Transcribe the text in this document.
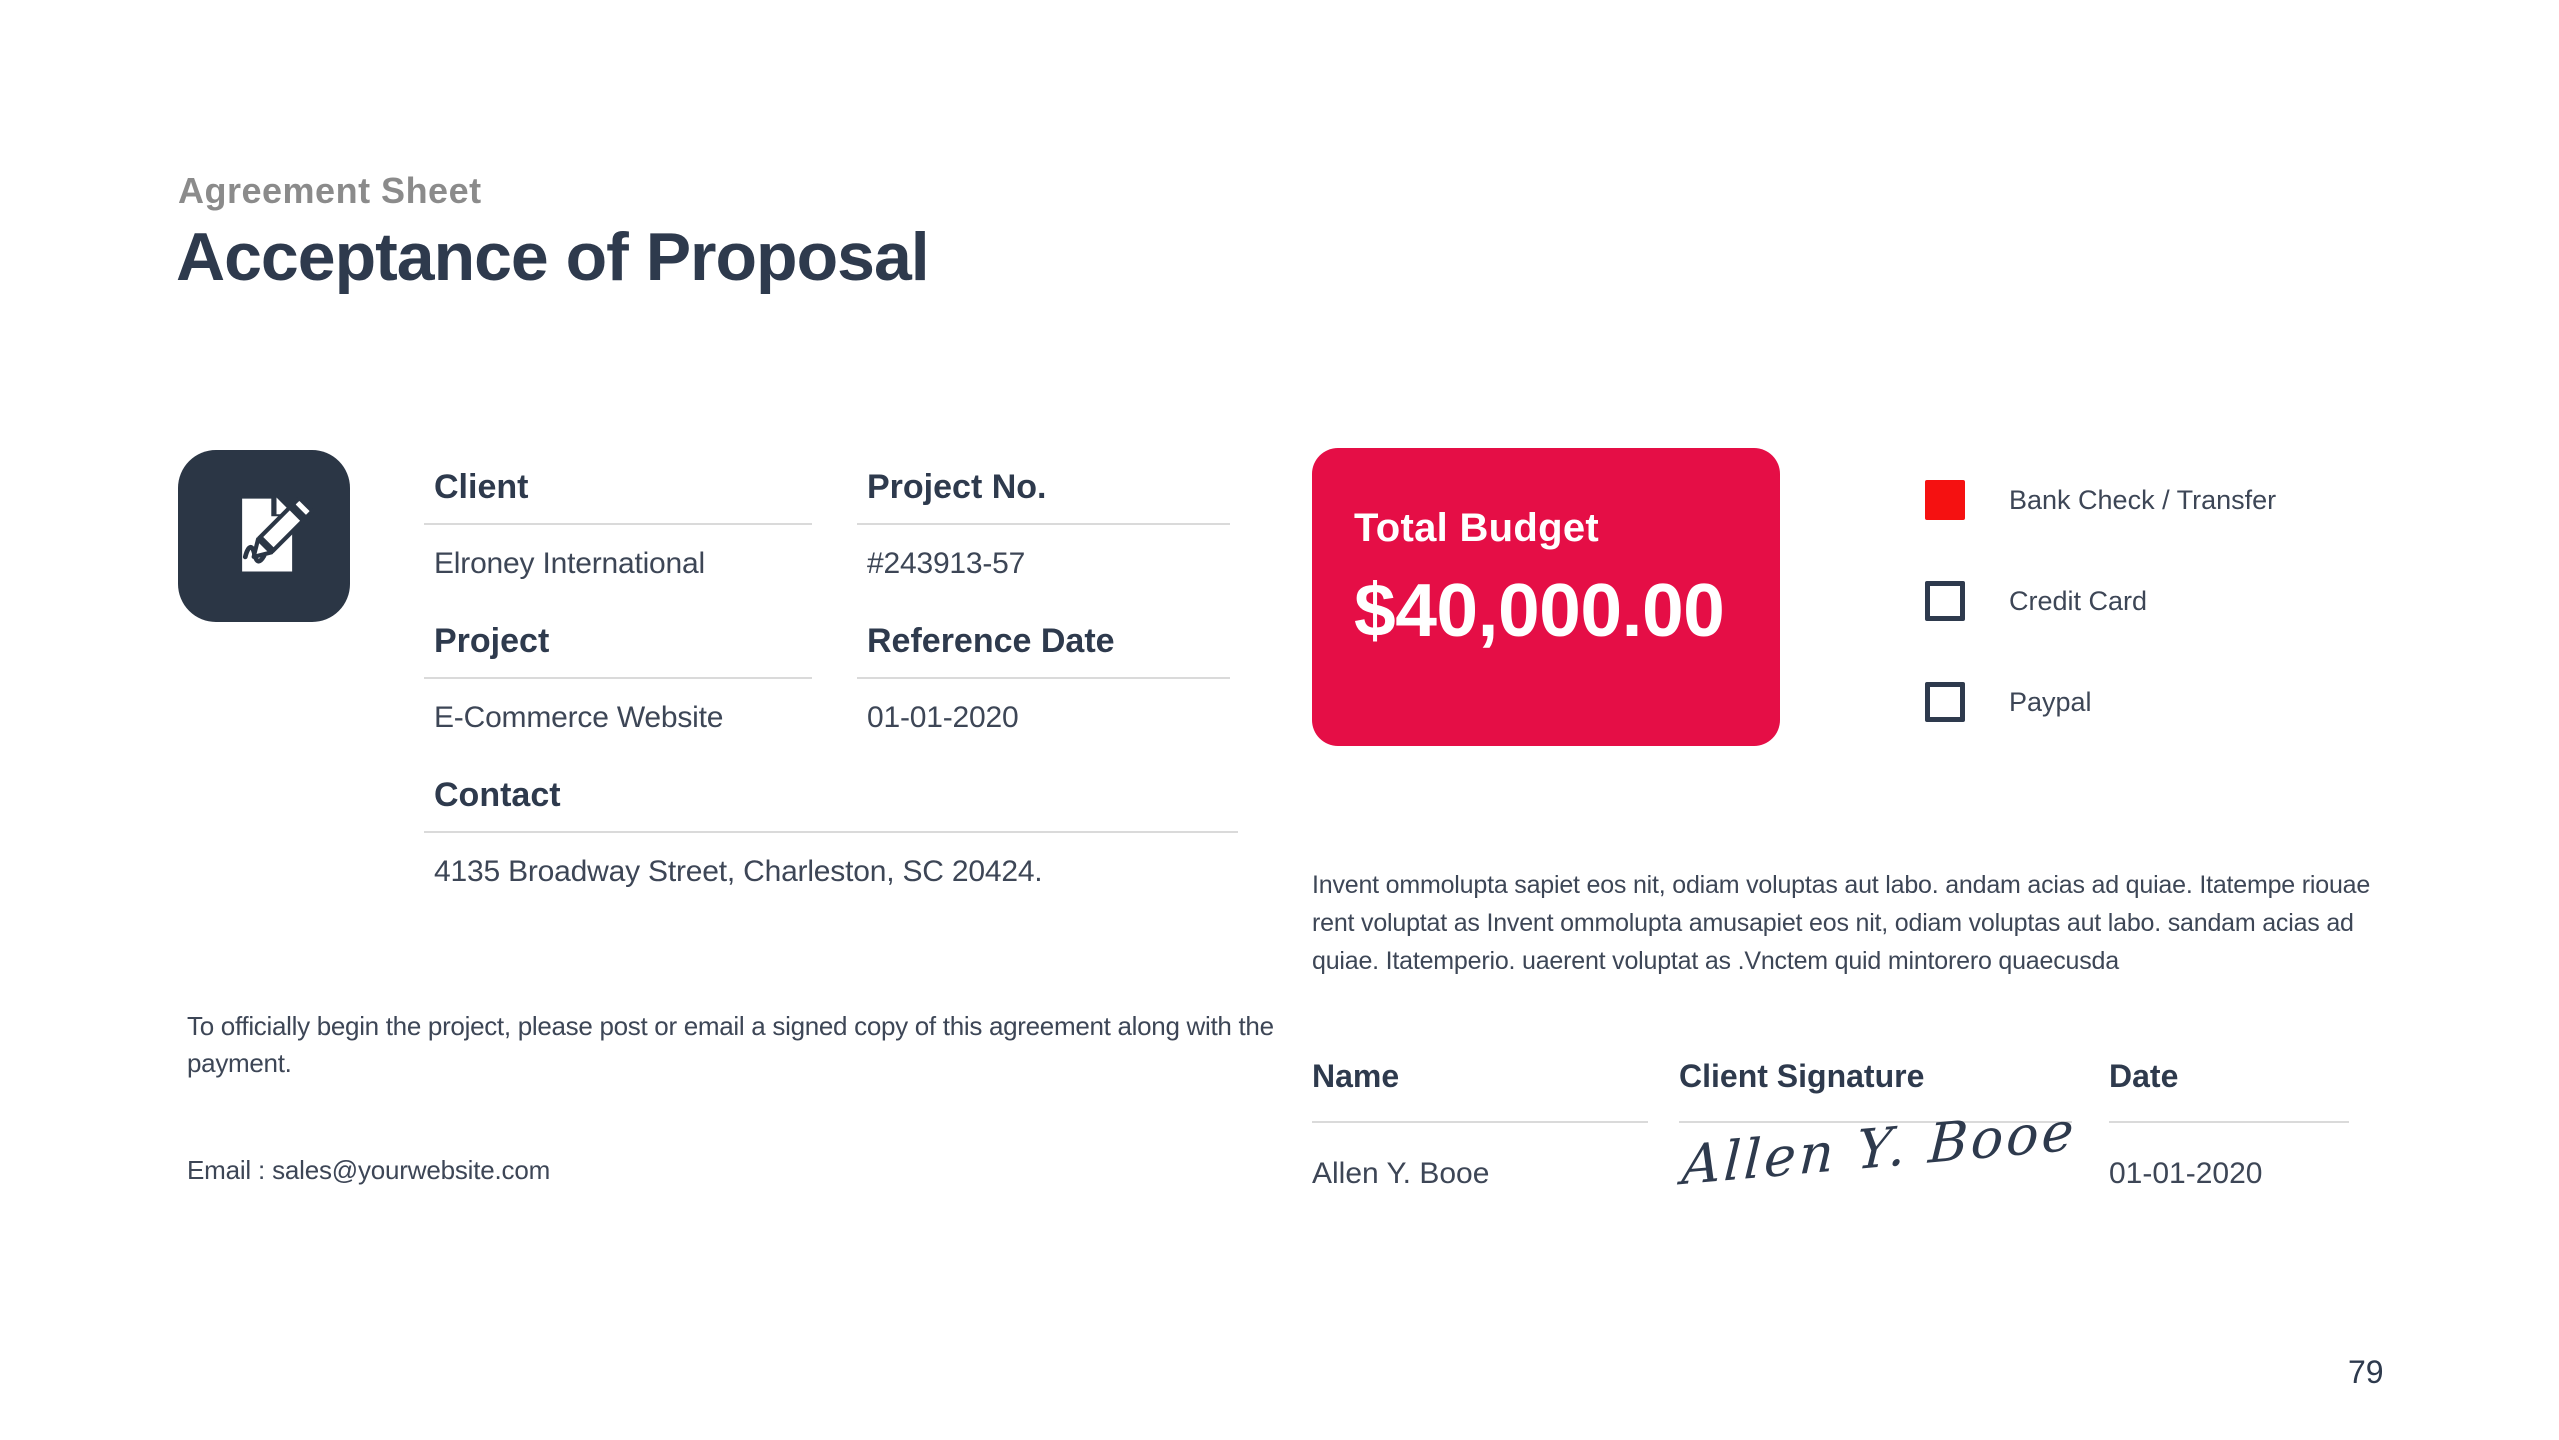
Agreement Sheet
Acceptance of Proposal
Client
Elroney International
Project No.
#243913-57
Project
E-Commerce Website
Reference Date
01-01-2020
Contact
4135 Broadway Street, Charleston, SC 20424.
Total Budget
$40,000.00
Bank Check / Transfer
Credit Card
Paypal

Invent ommolupta sapiet eos nit, odiam voluptas aut labo. andam acias ad quiae. Itatempe riouae rent voluptat as Invent ommolupta amusapiet eos nit, odiam voluptas aut labo. sandam acias ad quiae. Itatemperio. uaerent voluptat as .Vnctem quid mintorero quaecusda

Name
Allen Y. Booe
Client Signature
Allen Y. Booe
Date
01-01-2020
To officially begin the project, please post or email a signed copy of this agreement along with the payment.
Email : sales@yourwebsite.com
79
